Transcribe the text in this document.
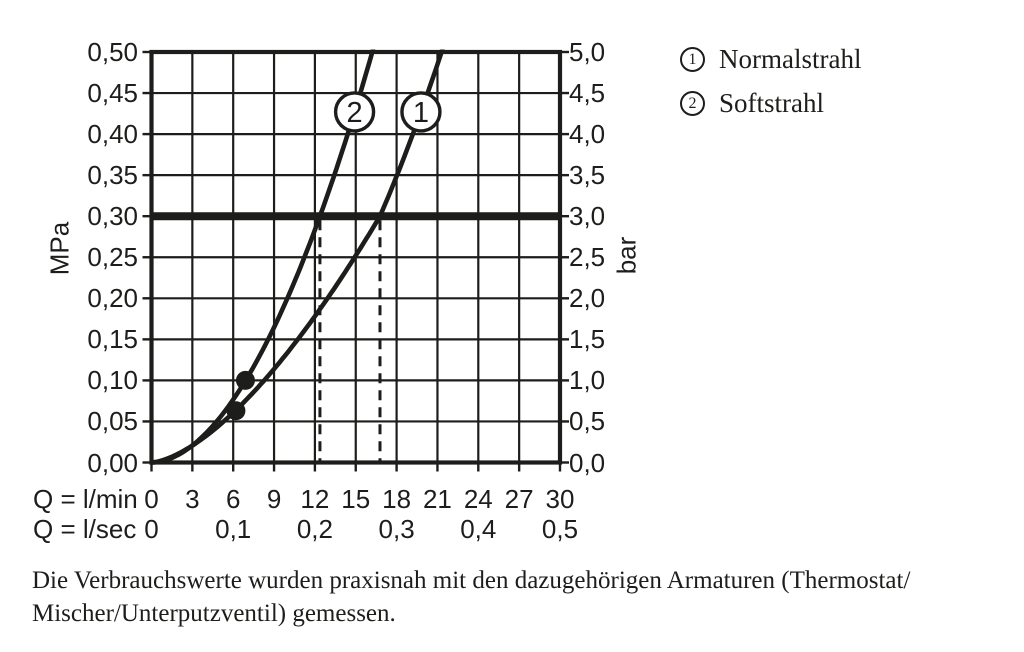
1
2
MPa	bar
Q = l/min
Q = l/sec
0,50
0,45
0,40
0,35
0,30
0,25
0,20
0,15
0,10
0,05
0,00
5,0
4,5
4,0
3,5
3,0
2,5
2,0
1,5
1,0
0,5
0,0
0	3	6	9 12 15 18 21 24 27 30
0	0,1	0,2	0,3	0,4	0,5
1 Normalstrahl
2 Softstrahl
Die Verbrauchswerte wurden praxisnah mit den dazugehörigen Armaturen (Thermostat/
Mischer/Unterputzventil) gemessen.
